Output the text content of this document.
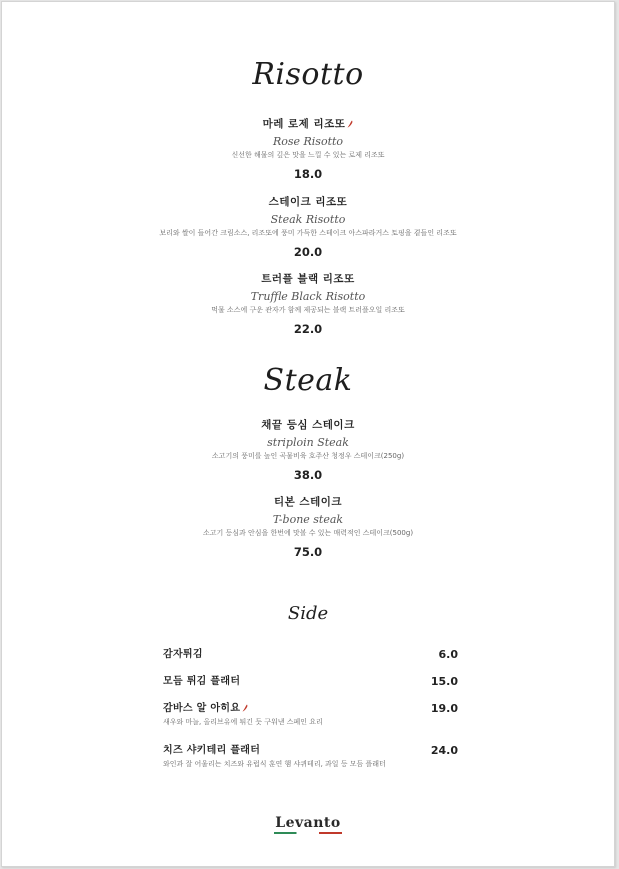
Risotto
마레 로제 리조또
Rose Risotto
신선한 해물의 깊은 맛을 느낄 수 있는 로제 리조또
18.0
스테이크 리조또
Steak Risotto
보리와 쌀이 들어간 크림소스, 리조또에 풍미 가득한 스테이크 아스파라거스 토핑을 곁들인 리조또
20.0
트러플 블랙 리조또
Truffle Black Risotto
먹물 소스에 구운 관자가 함께 제공되는 블랙 트러플오일 리조또
22.0
Steak
채끝 등심 스테이크
striploin Steak
소고기의 풍미를 높인 곡물비육 호주산 청정우 스테이크(250g)
38.0
티본 스테이크
T-bone steak
소고기 등심과 안심을 한번에 맛볼 수 있는 매력적인 스테이크(500g)
75.0
Side
감자튀김	6.0
모듬 튀김 플래터	15.0
감바스 알 아히요
새우와 마늘, 올리브유에 튀긴 듯 구워낸 스페인 요리
19.0
치즈 샤키테리 플래터
와인과 잘 어울리는 치즈와 유럽식 훈연 햄 샤퀴테리, 과일 등 모듬 플래터
24.0
Levanto
